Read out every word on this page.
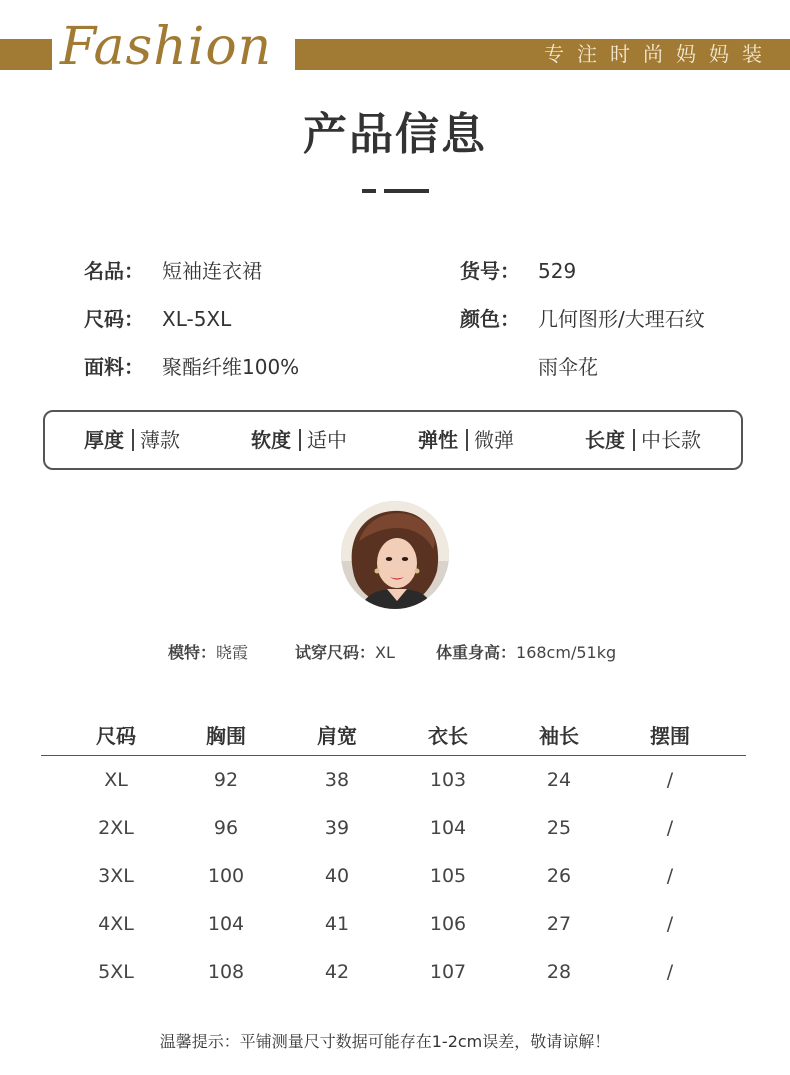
Fashion	专注时尚妈妈装
产品信息
名品： 短袖连衣裙	货号： 529
尺码： XL-5XL	颜色： 几何图形/大理石纹
面料： 聚酯纤维100%	雨伞花
厚度 薄款	软度 适中	弹性 微弹	长度 中长款
模特：晓霞	试穿尺码：XL	体重身高：168cm/51kg
尺码	胸围	肩宽	衣长	袖长	摆围
XL	92	38	103	24	/
2XL	96	39	104	25	/
3XL	100	40	105	26	/
4XL	104	41	106	27	/
5XL	108	42	107	28	/
温馨提示：平铺测量尺寸数据可能存在1-2cm误差，敬请谅解！
